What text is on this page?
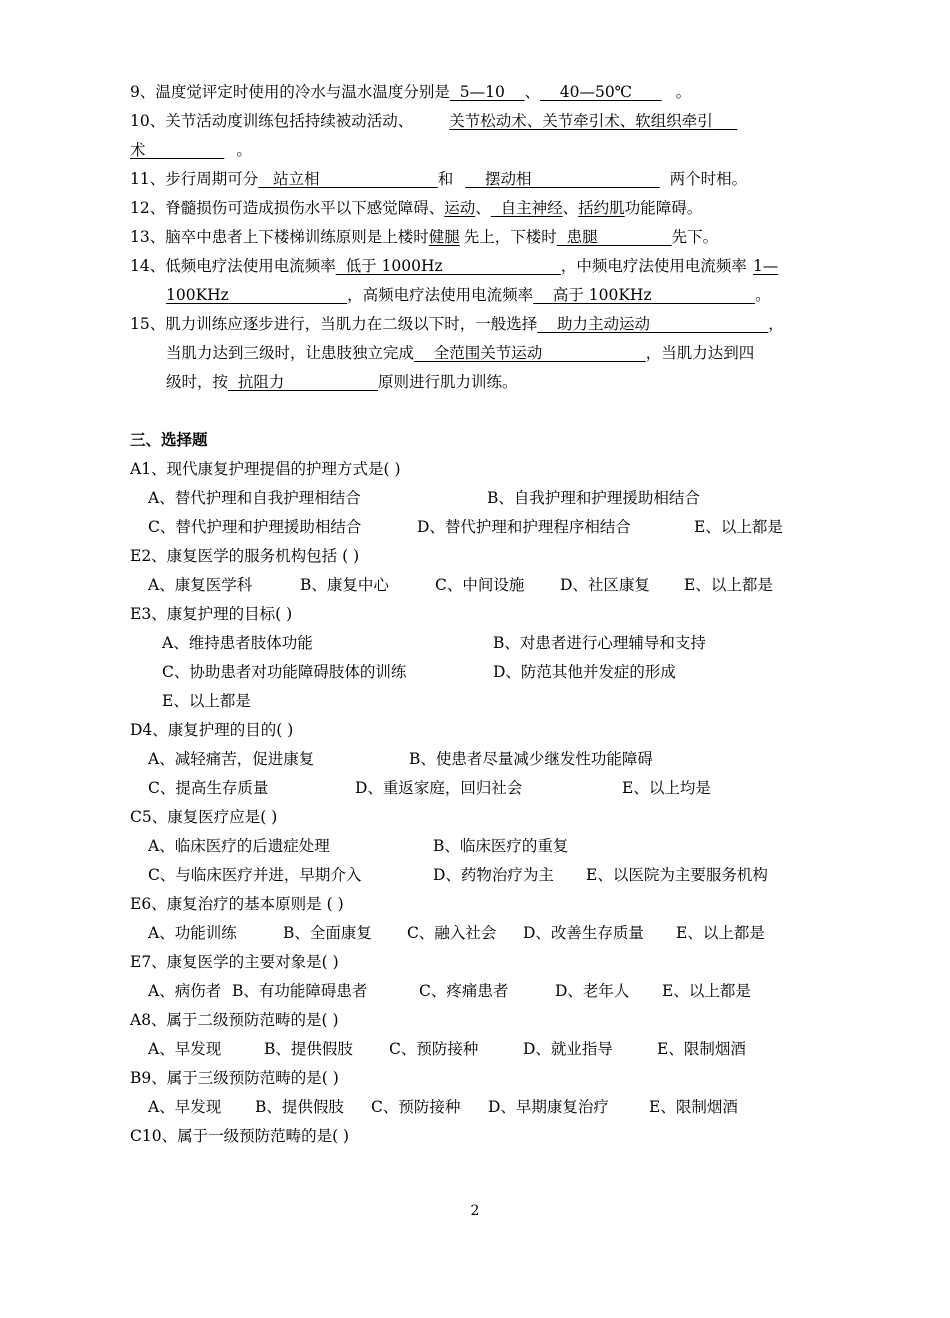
9、温度觉评定时使用的冷水与温水温度分别是 5—10 、 40—50℃	。
10、关节活动度训练包括持续被动活动、 关节松动术、关节牵引术、软组织牵引
术	。
11、步行周期可分 站立相	和 摆动相	两个时相。
12、脊髓损伤可造成损伤水平以下感觉障碍、运动、 自主神经、括约肌功能障碍。
13、脑卒中患者上下楼梯训练原则是上楼时健腿 先上，下楼时 患腿	先下。
14、低频电疗法使用电流频率 低于 1000Hz	，中频电疗法使用电流频率 1—
100KHz	，高频电疗法使用电流频率 高于 100KHz	。
15、肌力训练应逐步进行，当肌力在二级以下时，一般选择 助力主动运动	，
当肌力达到三级时，让患肢独立完成 全范围关节运动	，当肌力达到四
级时，按 抗阻力	原则进行肌力训练。
三、选择题
A1、现代康复护理提倡的护理方式是( )
A、替代护理和自我护理相结合	B、自我护理和护理援助相结合
C、替代护理和护理援助相结合	D、替代护理和护理程序相结合	E、以上都是
E2、康复医学的服务机构包括 ( )
A、康复医学科	B、康复中心	C、中间设施 D、社区康复 E、以上都是
E3、康复护理的目标( )
A、维持患者肢体功能	B、对患者进行心理辅导和支持
C、协助患者对功能障碍肢体的训练	D、防范其他并发症的形成
E、以上都是
D4、康复护理的目的( )
A、减轻痛苦，促进康复	B、使患者尽量减少继发性功能障碍
C、提高生存质量	D、重返家庭，回归社会	E、以上均是
C5、康复医疗应是( )
A、临床医疗的后遗症处理	B、临床医疗的重复
C、与临床医疗并进，早期介入	D、药物治疗为主 E、以医院为主要服务机构
E6、康复治疗的基本原则是 ( )
A、功能训练	B、全面康复 C、融入社会 D、改善生存质量 E、以上都是
E7、康复医学的主要对象是( )
A、病伤者 B、有功能障碍患者	C、疼痛患者	D、老年人 E、以上都是
A8、属于二级预防范畴的是( )
A、早发现	B、提供假肢 C、预防接种	D、就业指导	E、限制烟酒
B9、属于三级预防范畴的是( )
A、早发现 B、提供假肢 C、预防接种 D、早期康复治疗	E、限制烟酒
C10、属于一级预防范畴的是( )
2
